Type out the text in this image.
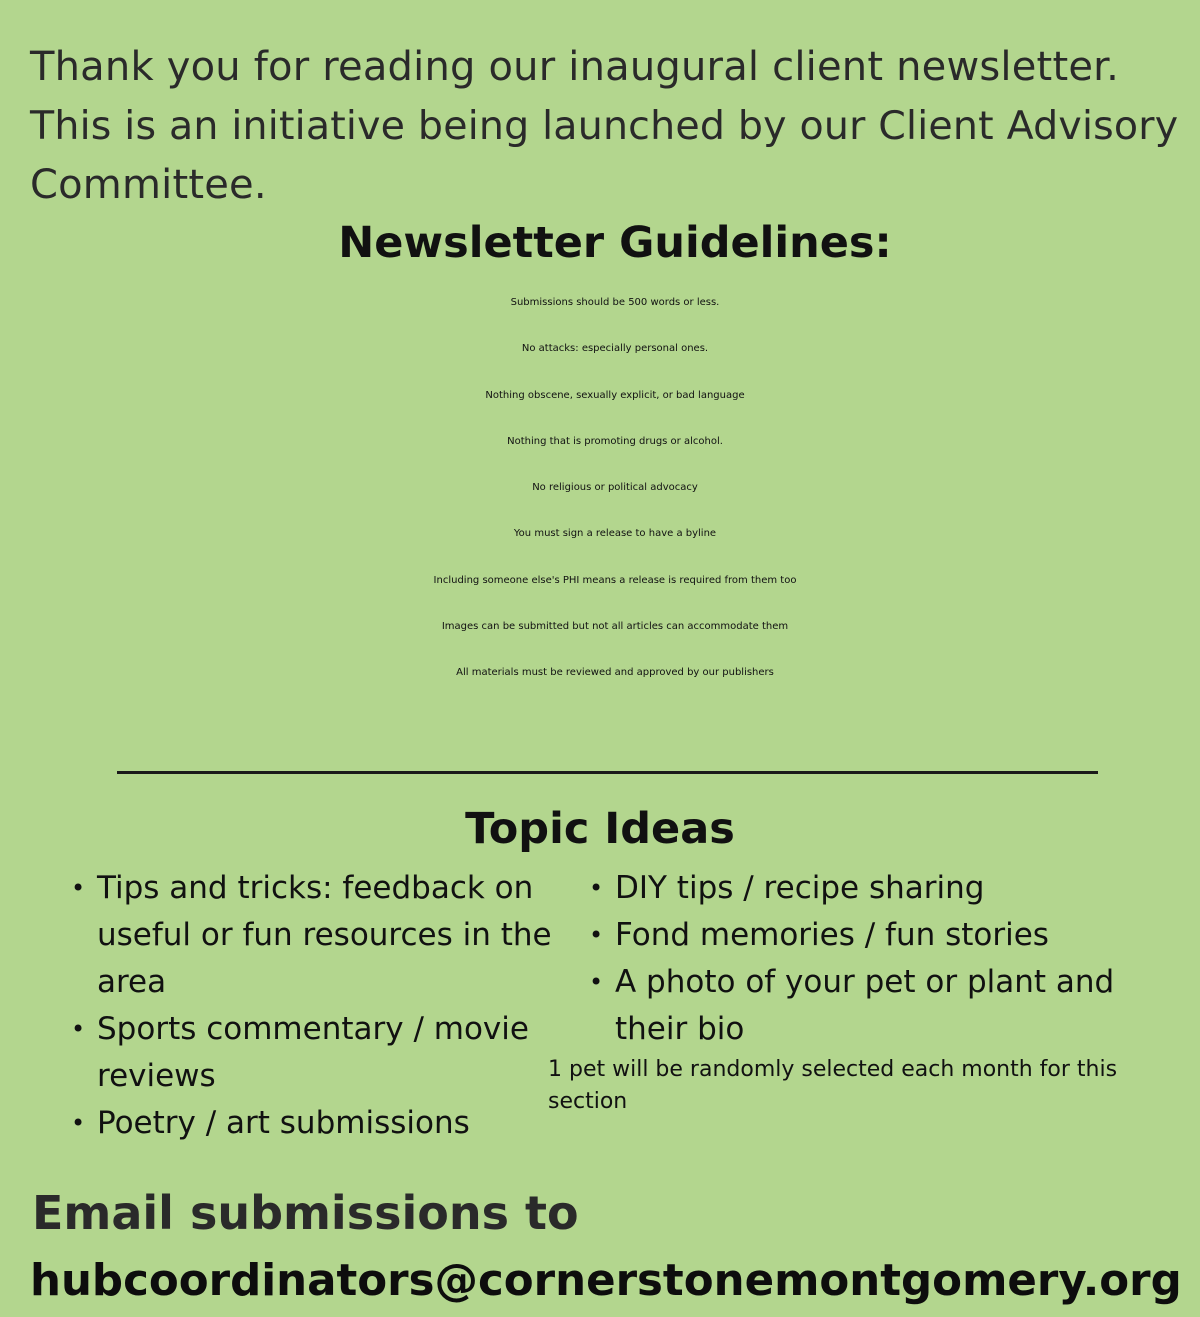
Thank you for reading our inaugural client newsletter.

This is an initiative being launched by our Client Advisory

Committee.

Newsletter Guidelines:
Submissions should be 500 words or less.
No attacks: especially personal ones.
Nothing obscene, sexually explicit, or bad language
Nothing that is promoting drugs or alcohol.
No religious or political advocacy
You must sign a release to have a byline
Including someone else's PHI means a release is required from them too
Images can be submitted but not all articles can accommodate them
All materials must be reviewed and approved by our publishers
Topic Ideas
• Tips and tricks: feedback on useful or fun resources in the area
• Sports commentary / movie reviews
• Poetry / art submissions
• DIY tips / recipe sharing
• Fond memories / fun stories
• A photo of your pet or plant and their bio
1 pet will be randomly selected each month for this section
Email submissions to
hubcoordinators@cornerstonemontgomery.org
